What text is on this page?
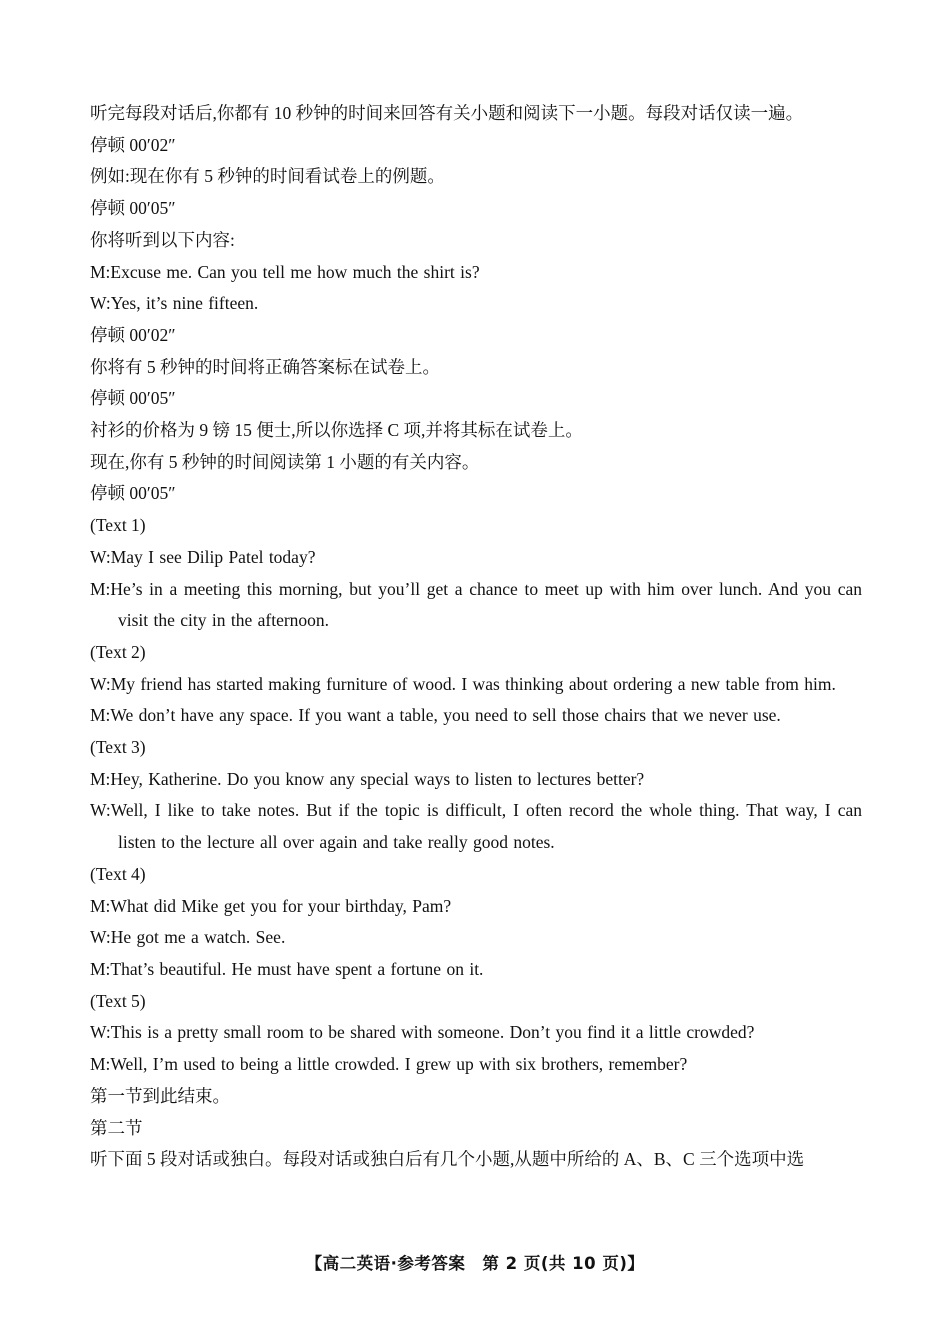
听完每段对话后,你都有 10 秒钟的时间来回答有关小题和阅读下一小题。每段对话仅读一遍。
停顿 00′02″
例如:现在你有 5 秒钟的时间看试卷上的例题。
停顿 00′05″
你将听到以下内容:
M:Excuse me. Can you tell me how much the shirt is?
W:Yes, it’s nine fifteen.
停顿 00′02″
你将有 5 秒钟的时间将正确答案标在试卷上。
停顿 00′05″
衬衫的价格为 9 镑 15 便士,所以你选择 C 项,并将其标在试卷上。
现在,你有 5 秒钟的时间阅读第 1 小题的有关内容。
停顿 00′05″
(Text 1)
W:May I see Dilip Patel today?
M:He’s in a meeting this morning, but you’ll get a chance to meet up with him over lunch. And you can visit the city in the afternoon.
(Text 2)
W:My friend has started making furniture of wood. I was thinking about ordering a new table from him.
M:We don’t have any space. If you want a table, you need to sell those chairs that we never use.
(Text 3)
M:Hey, Katherine. Do you know any special ways to listen to lectures better?
W:Well, I like to take notes. But if the topic is difficult, I often record the whole thing. That way, I can listen to the lecture all over again and take really good notes.
(Text 4)
M:What did Mike get you for your birthday, Pam?
W:He got me a watch. See.
M:That’s beautiful. He must have spent a fortune on it.
(Text 5)
W:This is a pretty small room to be shared with someone. Don’t you find it a little crowded?
M:Well, I’m used to being a little crowded. I grew up with six brothers, remember?
第一节到此结束。
第二节
听下面 5 段对话或独白。每段对话或独白后有几个小题,从题中所给的 A、B、C 三个选项中选
【高二英语·参考答案　第 2 页(共 10 页)】
